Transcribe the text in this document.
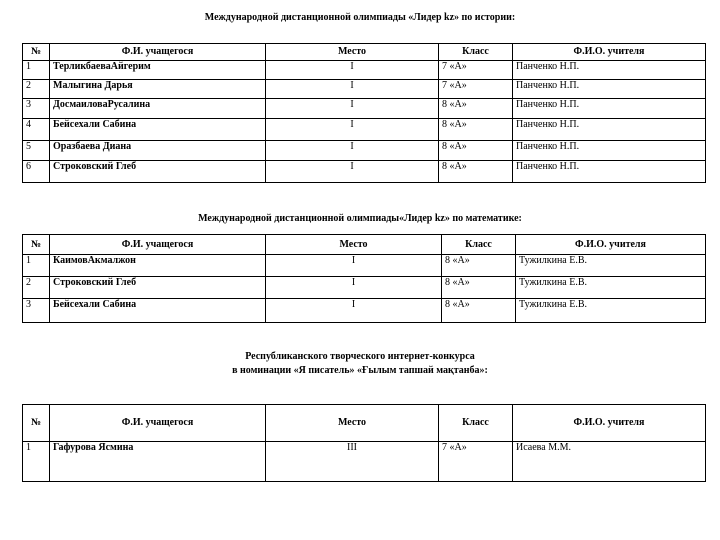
Международной дистанционной олимпиады «Лидер kz» по истории:
№	Ф.И. учащегося	Место	Класс	Ф.И.О. учителя
1	ТерликбаеваАйгерим	I	7 «А»	Панченко Н.П.
2	Малыгина Дарья	I	7 «А»	Панченко Н.П.
3	ДосмаиловаРусалина	I	8 «А»	Панченко Н.П.
4	Бейсехали Сабина	I	8 «А»	Панченко Н.П.
5	Оразбаева Диана	I	8 «А»	Панченко Н.П.
6	Строковский Глеб	I	8 «А»	Панченко Н.П.
Международной дистанционной олимпиады«Лидер kz» по математике:
№	Ф.И. учащегося	Место	Класс	Ф.И.О. учителя
1	КаимовАкмалжон	I	8 «А»	Тужилкина Е.В.
2	Строковский Глеб	I	8 «А»	Тужилкина Е.В.
3	Бейсехали Сабина	I	8 «А»	Тужилкина Е.В.
Республиканского творческого интернет-конкурса
в номинации «Я писатель» «Ғылым тапшай мақтанба»:
№	Ф.И. учащегося	Место	Класс	Ф.И.О. учителя
1	Гафурова Ясмина	III	7 «А»	Исаева М.М.
